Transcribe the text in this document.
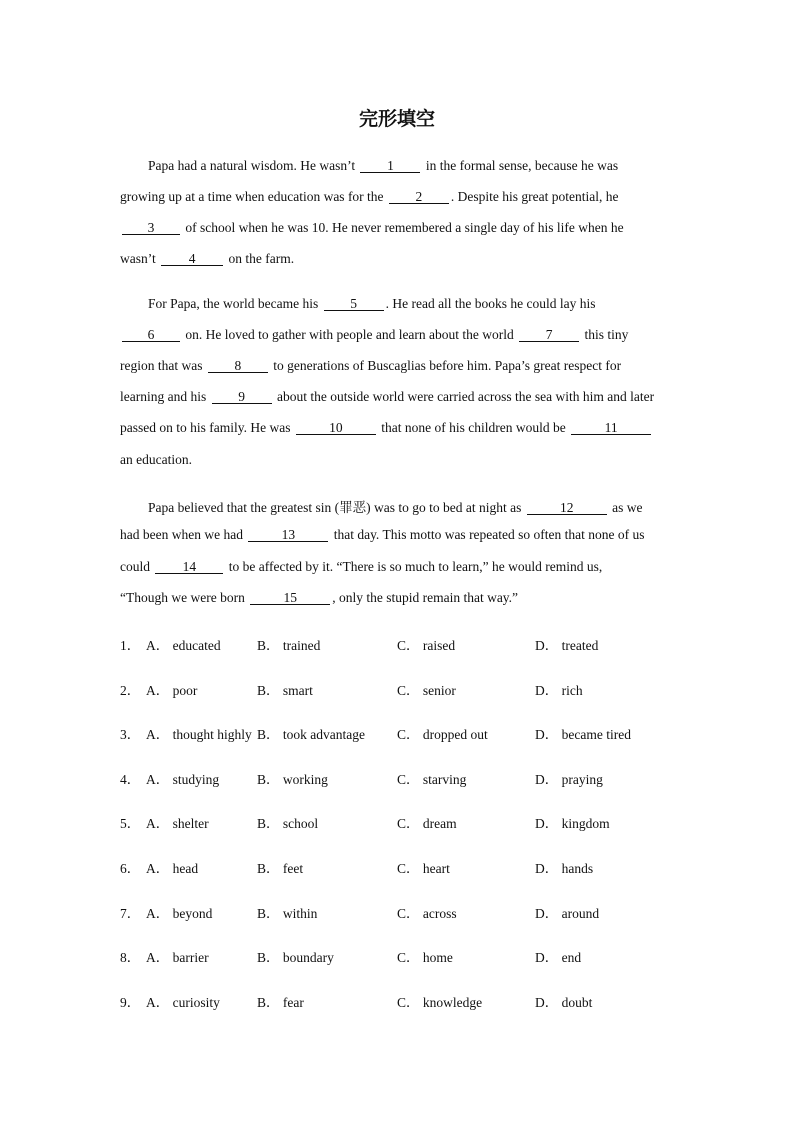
完形填空
Papa had a natural wisdom. He wasn’t 1 in the formal sense, because he was
growing up at a time when education was for the 2 . Despite his great potential, he
3 of school when he was 10. He never remembered a single day of his life when he
wasn’t 4 on the farm.
For Papa, the world became his 5 . He read all the books he could lay his
6 on. He loved to gather with people and learn about the world 7 this tiny
region that was 8 to generations of Buscaglias before him. Papa’s great respect for
learning and his 9 about the outside world were carried across the sea with him and later
passed on to his family. He was	10	that none of his children would be	11
an education.
Papa believed that the greatest sin (罪恶) was to go to bed at night as	12	as we
had been when we had	13	that day. This motto was repeated so often that none of us
could 14 to be affected by it. “There is so much to learn,” he would remind us,
“Though we were born	15	, only the stupid remain that way.”
1． A． educated	B． trained	C． raised	D． treated
2． A． poor	B． smart	C． senior	D． rich
3． A． thought highly B． took advantage C． dropped out	D． became tired
4． A． studying	B． working	C． starving	D． praying
5． A． shelter	B． school	C． dream	D． kingdom
6． A． head	B． feet	C． heart	D． hands
7． A． beyond	B． within	C． across	D． around
8． A． barrier	B． boundary	C． home	D． end
9． A． curiosity	B． fear	C． knowledge	D． doubt
